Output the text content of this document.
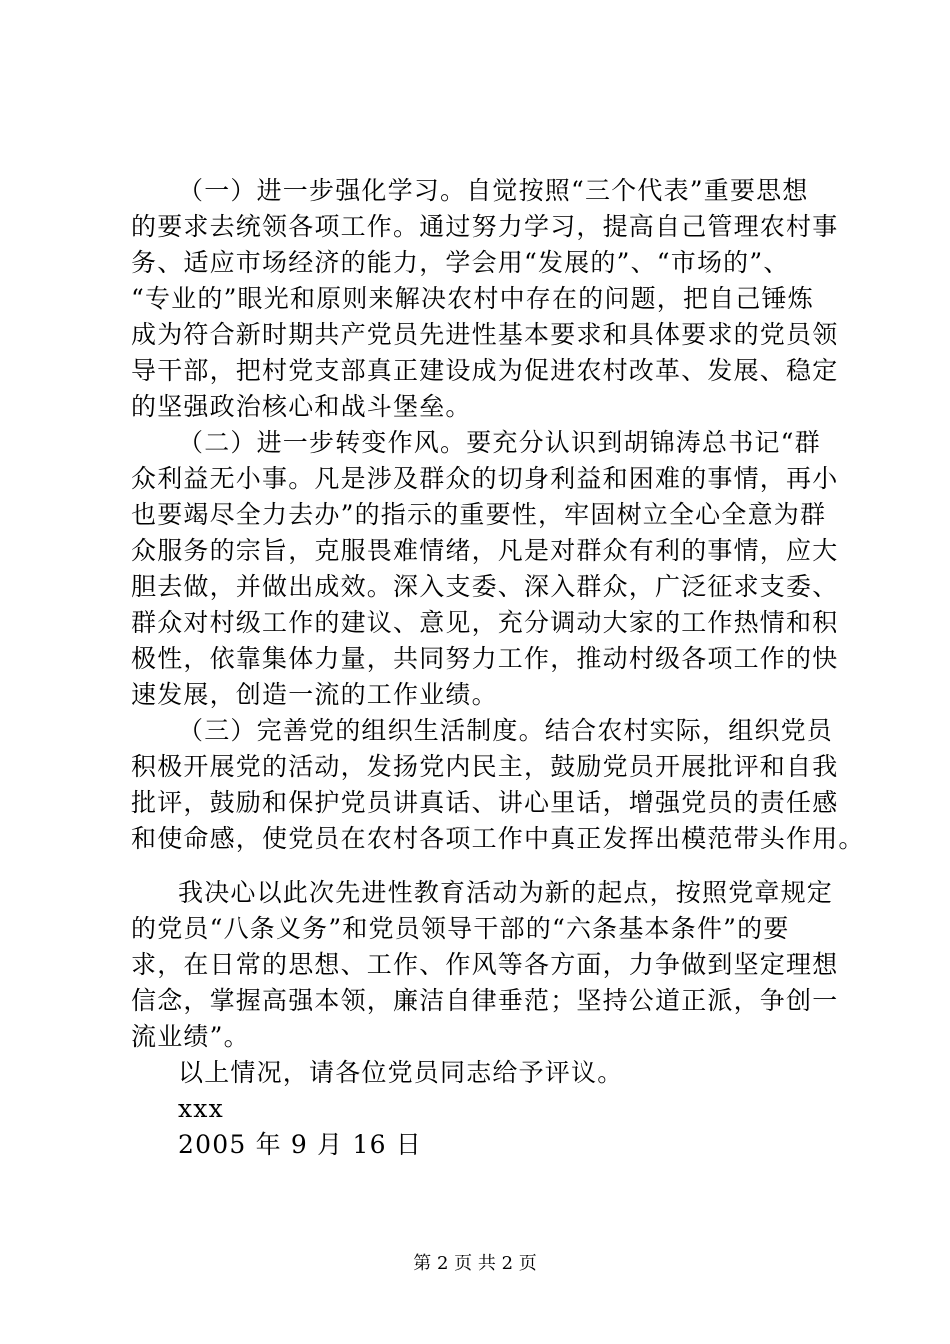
（一）进一步强化学习。自觉按照“三个代表”重要思想
的要求去统领各项工作。通过努力学习，提高自己管理农村事
务、适应市场经济的能力，学会用“发展的”、“市场的”、
“专业的”眼光和原则来解决农村中存在的问题，把自己锤炼
成为符合新时期共产党员先进性基本要求和具体要求的党员领
导干部，把村党支部真正建设成为促进农村改革、发展、稳定
的坚强政治核心和战斗堡垒。
（二）进一步转变作风。要充分认识到胡锦涛总书记“群
众利益无小事。凡是涉及群众的切身利益和困难的事情，再小
也要竭尽全力去办”的指示的重要性，牢固树立全心全意为群
众服务的宗旨，克服畏难情绪，凡是对群众有利的事情，应大
胆去做，并做出成效。深入支委、深入群众，广泛征求支委、
群众对村级工作的建议、意见，充分调动大家的工作热情和积
极性，依靠集体力量，共同努力工作，推动村级各项工作的快
速发展，创造一流的工作业绩。
（三）完善党的组织生活制度。结合农村实际，组织党员
积极开展党的活动，发扬党内民主，鼓励党员开展批评和自我
批评，鼓励和保护党员讲真话、讲心里话，增强党员的责任感
和使命感，使党员在农村各项工作中真正发挥出模范带头作用。
我决心以此次先进性教育活动为新的起点，按照党章规定
的党员“八条义务”和党员领导干部的“六条基本条件”的要
求，在日常的思想、工作、作风等各方面，力争做到坚定理想
信念，掌握高强本领，廉洁自律垂范；坚持公道正派，争创一
流业绩”。
以上情况，请各位党员同志给予评议。
xxx
2005 年 9 月 16 日
第 2 页 共 2 页
